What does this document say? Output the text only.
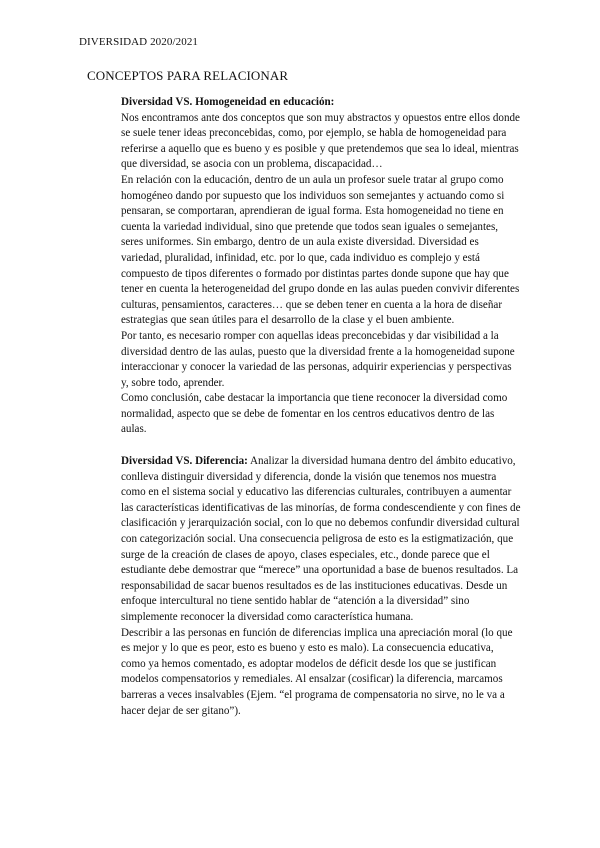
DIVERSIDAD 2020/2021
CONCEPTOS PARA RELACIONAR

Diversidad VS. Homogeneidad en educación:

Nos encontramos ante dos conceptos que son muy abstractos y opuestos entre ellos donde se suele tener ideas preconcebidas, como, por ejemplo, se habla de homogeneidad para referirse a aquello que es bueno y es posible y que pretendemos que sea lo ideal, mientras que diversidad, se asocia con un problema, discapacidad…

En relación con la educación, dentro de un aula un profesor suele tratar al grupo como homogéneo dando por supuesto que los individuos son semejantes y actuando como si pensaran, se comportaran, aprendieran de igual forma. Esta homogeneidad no tiene en cuenta la variedad individual, sino que pretende que todos sean iguales o semejantes, seres uniformes. Sin embargo, dentro de un aula existe diversidad. Diversidad es variedad, pluralidad, infinidad, etc. por lo que, cada individuo es complejo y está compuesto de tipos diferentes o formado por distintas partes donde supone que hay que tener en cuenta la heterogeneidad del grupo donde en las aulas pueden convivir diferentes culturas, pensamientos, caracteres… que se deben tener en cuenta a la hora de diseñar estrategias que sean útiles para el desarrollo de la clase y el buen ambiente.

Por tanto, es necesario romper con aquellas ideas preconcebidas y dar visibilidad a la diversidad dentro de las aulas, puesto que la diversidad frente a la homogeneidad supone interaccionar y conocer la variedad de las personas, adquirir experiencias y perspectivas y, sobre todo, aprender.

Como conclusión, cabe destacar la importancia que tiene reconocer la diversidad como normalidad, aspecto que se debe de fomentar en los centros educativos dentro de las aulas.

Diversidad VS. Diferencia: Analizar la diversidad humana dentro del ámbito educativo, conlleva distinguir diversidad y diferencia, donde la visión que tenemos nos muestra como en el sistema social y educativo las diferencias culturales, contribuyen a aumentar las características identificativas de las minorías, de forma condescendiente y con fines de clasificación y jerarquización social, con lo que no debemos confundir diversidad cultural con categorización social. Una consecuencia peligrosa de esto es la estigmatización, que surge de la creación de clases de apoyo, clases especiales, etc., donde parece que el estudiante debe demostrar que “merece” una oportunidad a base de buenos resultados. La responsabilidad de sacar buenos resultados es de las instituciones educativas. Desde un enfoque intercultural no tiene sentido hablar de “atención a la diversidad” sino simplemente reconocer la diversidad como característica humana.

Describir a las personas en función de diferencias implica una apreciación moral (lo que es mejor y lo que es peor, esto es bueno y esto es malo). La consecuencia educativa, como ya hemos comentado, es adoptar modelos de déficit desde los que se justifican modelos compensatorios y remediales. Al ensalzar (cosificar) la diferencia, marcamos barreras a veces insalvables (Ejem. “el programa de compensatoria no sirve, no le va a hacer dejar de ser gitano”).
